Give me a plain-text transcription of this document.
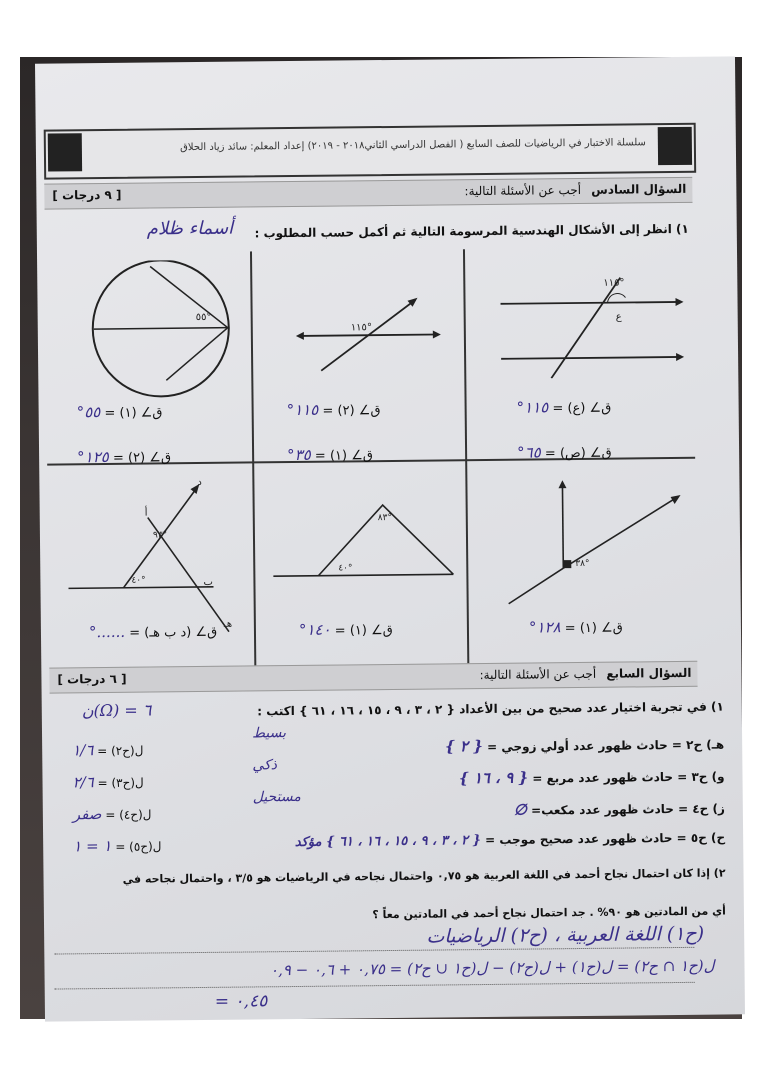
سلسلة الاختبار في الرياضيات للصف السابع ( الفصل الدراسي الثاني٢٠١٨ - ٢٠١٩) إعداد المعلم: سائد زياد الحلاق
السؤال السادس أجب عن الأسئلة التالية:
[ ٩ درجات ]
١) انظر إلى الأشكال الهندسية المرسومة التالية ثم أكمل حسب المطلوب :
أسماء ظلام
٥٥°
١١٥°
١١٥°
ع
ق∠ (١) = ٥٥°
ق∠ (٢) = ١٢٥°
ق∠ (٢) = ١١٥°
ق∠ (١) = ٣٥°
ق∠ (ع) = ١١٥°
ق∠ (ص) = ٦٥°
٩٣°
٤٠°
د
أ
ب
هـ
٨٣°
٤٠°	٣٨°
ق∠ (د ب هـ) = ......°	ق∠ (١) = ١٤٠°	ق∠ (١) = ١٢٨°
السؤال السابع أجب عن الأسئلة التالية:
[ ٦ درجات ]
١) في تجربة اختيار عدد صحيح من بين الأعداد { ٢ ، ٣ ، ٩ ، ١٥ ، ١٦ ، ٦١ } اكتب :
ن(Ω) = ٦
هـ) ح٢ = حادث ظهور عدد أولي زوجي = { ٢ }
بسيط
ل(ح٢) = ١/٦
و) ح٣ = حادث ظهور عدد مربع = { ٩ ، ١٦ }
ذكي
ل(ح٣) = ٢/٦
ز) ح٤ = حادث ظهور عدد مكعب= ∅
مستحيل
ل(ح٤) = صفر
ح) ح٥ = حادث ظهور عدد صحيح موجب = { ٢ ، ٣ ، ٩ ، ١٥ ، ١٦ ، ٦١ } مؤكد
ل(ح٥) = ١ = ١
٢) إذا كان احتمال نجاح أحمد في اللغة العربية هو ٠,٧٥ واحتمال نجاحه في الرياضيات هو ٣/٥ ، واحتمال نجاحه في
أي من المادتين هو ٩٠% . جد احتمال نجاح أحمد في المادتين معاً ؟
(ح١) اللغة العربية ، (ح٢) الرياضيات
ل(ح١ ∩ ح٢) = ل(ح١) + ل(ح٢) − ل(ح١ ∪ ح٢) = ٠,٧٥ + ٠,٦ − ٠,٩
= ٠,٤٥
